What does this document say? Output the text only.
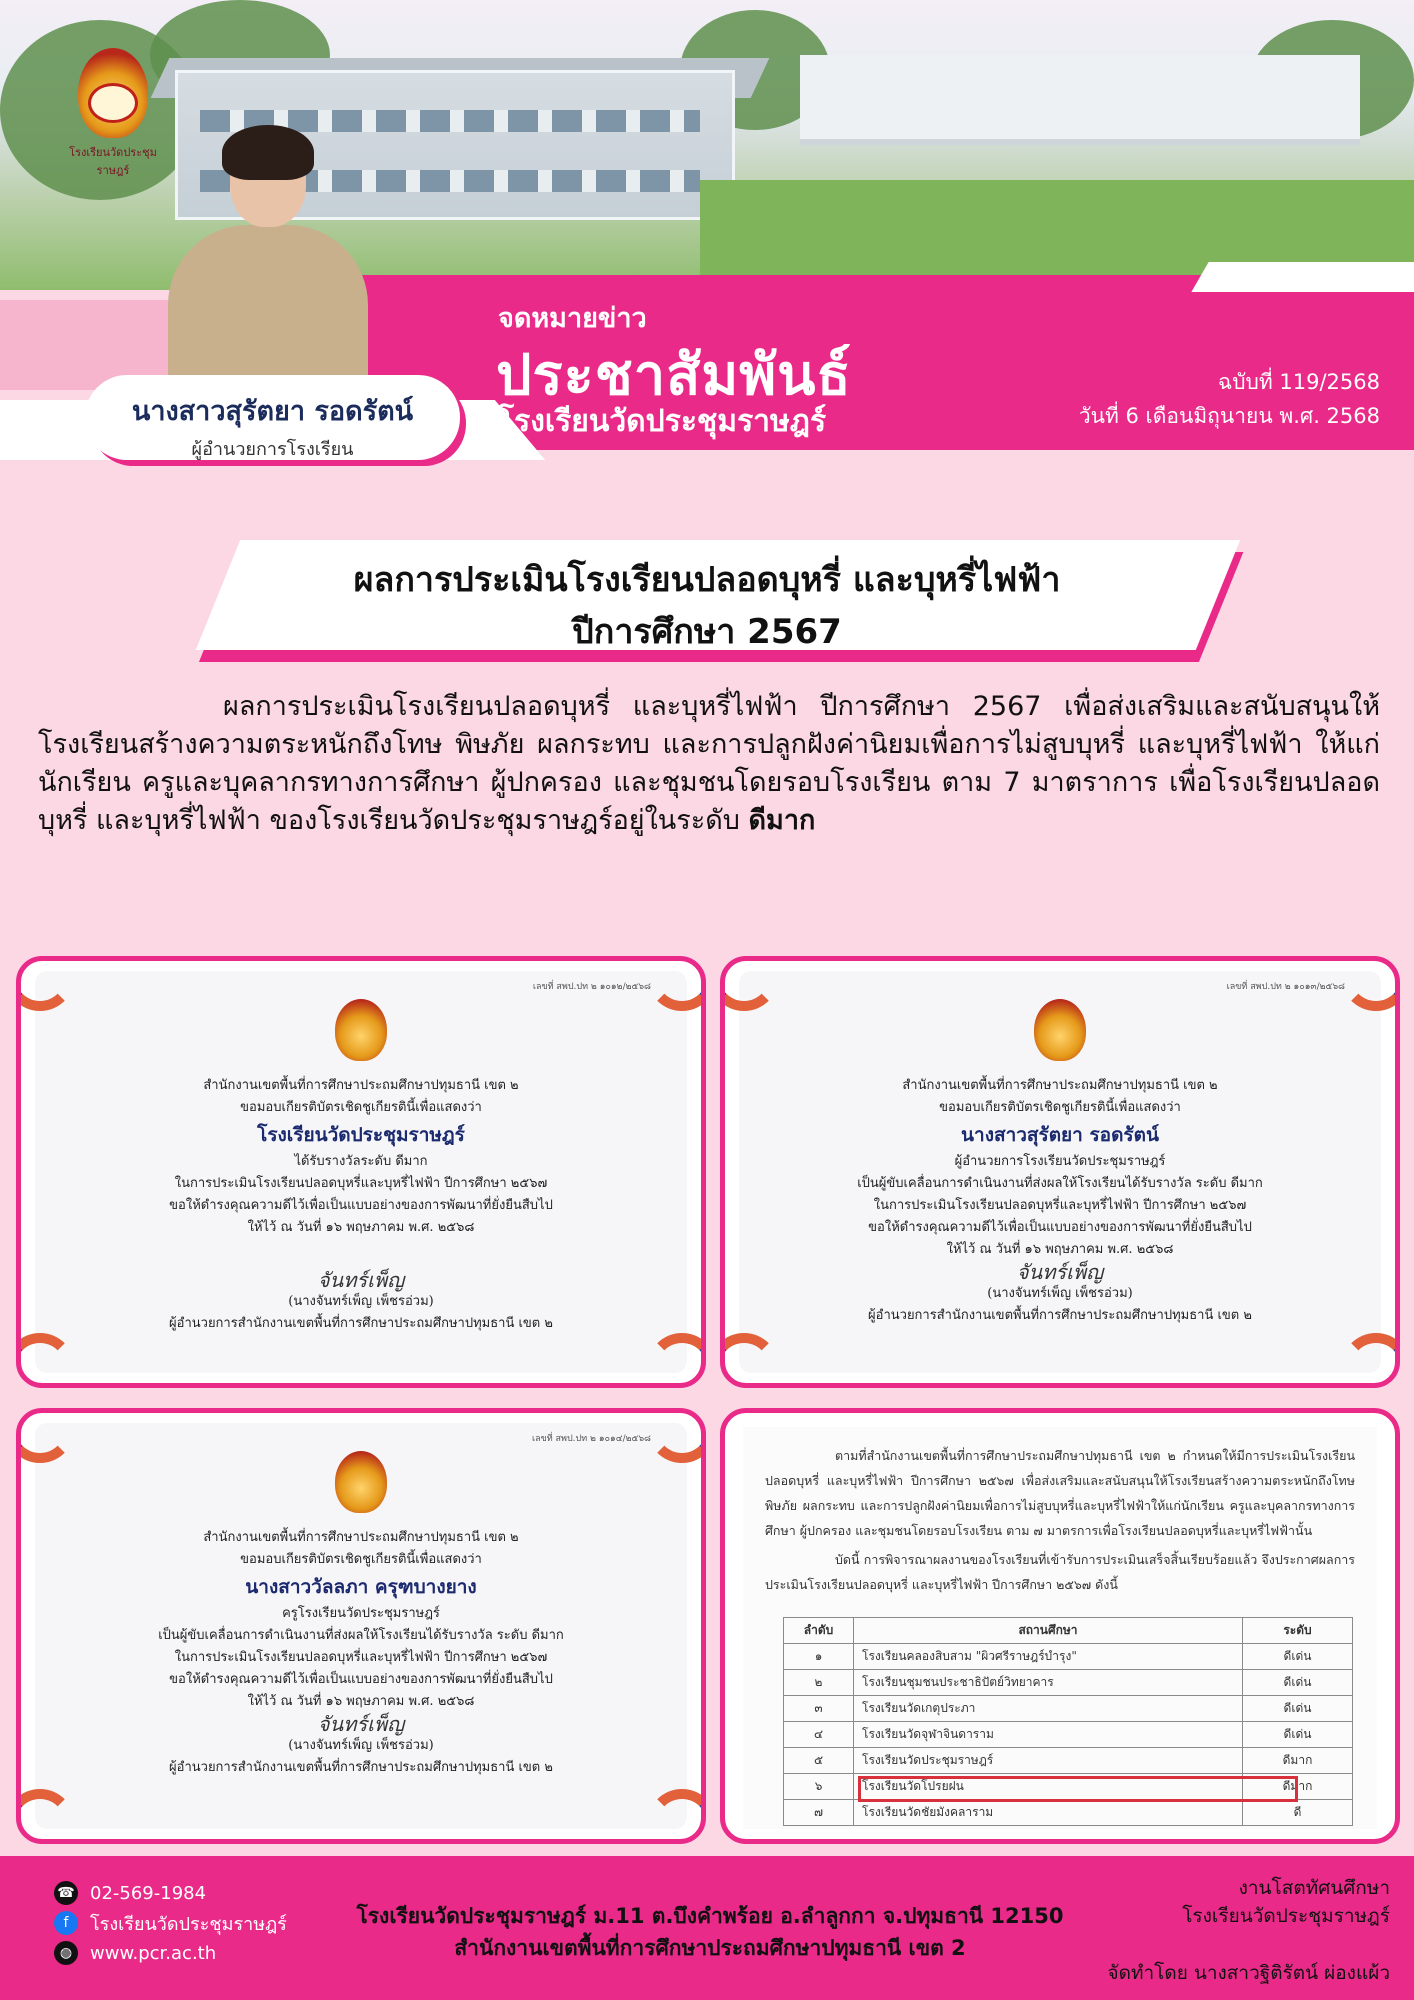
โรงเรียนวัดประชุมราษฎร์
นางสาวสุรัตยา รอดรัตน์
ผู้อำนวยการโรงเรียน
จดหมายข่าว
ประชาสัมพันธ์
โรงเรียนวัดประชุมราษฎร์
ฉบับที่ 119/2568
วันที่ 6 เดือนมิถุนายน พ.ศ. 2568
ผลการประเมินโรงเรียนปลอดบุหรี่ และบุหรี่ไฟฟ้า
ปีการศึกษา 2567
ผลการประเมินโรงเรียนปลอดบุหรี่ และบุหรี่ไฟฟ้า ปีการศึกษา 2567 เพื่อส่งเสริมและสนับสนุนให้โรงเรียนสร้างความตระหนักถึงโทษ พิษภัย ผลกระทบ และการปลูกฝังค่านิยมเพื่อการไม่สูบบุหรี่ และบุหรี่ไฟฟ้า ให้แก่นักเรียน ครูและบุคลากรทางการศึกษา ผู้ปกครอง และชุมชนโดยรอบโรงเรียน ตาม 7 มาตราการ เพื่อโรงเรียนปลอดบุหรี่ และบุหรี่ไฟฟ้า ของโรงเรียนวัดประชุมราษฎร์อยู่ในระดับ ดีมาก
เลขที่ สพป.ปท ๒ ๑๐๑๒/๒๕๖๘
สำนักงานเขตพื้นที่การศึกษาประถมศึกษาปทุมธานี เขต ๒
ขอมอบเกียรติบัตรเชิดชูเกียรตินี้เพื่อแสดงว่า
โรงเรียนวัดประชุมราษฎร์
ได้รับรางวัลระดับ ดีมาก
ในการประเมินโรงเรียนปลอดบุหรี่และบุหรี่ไฟฟ้า ปีการศึกษา ๒๕๖๗
ขอให้ดำรงคุณความดีไว้เพื่อเป็นแบบอย่างของการพัฒนาที่ยั่งยืนสืบไป
ให้ไว้ ณ วันที่ ๑๖ พฤษภาคม พ.ศ. ๒๕๖๘
จันทร์เพ็ญ
(นางจันทร์เพ็ญ เพ็ชรอ่วม)
ผู้อำนวยการสำนักงานเขตพื้นที่การศึกษาประถมศึกษาปทุมธานี เขต ๒
เลขที่ สพป.ปท ๒ ๑๐๑๓/๒๕๖๘
สำนักงานเขตพื้นที่การศึกษาประถมศึกษาปทุมธานี เขต ๒
ขอมอบเกียรติบัตรเชิดชูเกียรตินี้เพื่อแสดงว่า
นางสาวสุรัตยา รอดรัตน์
ผู้อำนวยการโรงเรียนวัดประชุมราษฎร์
เป็นผู้ขับเคลื่อนการดำเนินงานที่ส่งผลให้โรงเรียนได้รับรางวัล ระดับ ดีมาก
ในการประเมินโรงเรียนปลอดบุหรี่และบุหรี่ไฟฟ้า ปีการศึกษา ๒๕๖๗
ขอให้ดำรงคุณความดีไว้เพื่อเป็นแบบอย่างของการพัฒนาที่ยั่งยืนสืบไป
ให้ไว้ ณ วันที่ ๑๖ พฤษภาคม พ.ศ. ๒๕๖๘
จันทร์เพ็ญ
(นางจันทร์เพ็ญ เพ็ชรอ่วม)
ผู้อำนวยการสำนักงานเขตพื้นที่การศึกษาประถมศึกษาปทุมธานี เขต ๒
เลขที่ สพป.ปท ๒ ๑๐๑๔/๒๕๖๘
สำนักงานเขตพื้นที่การศึกษาประถมศึกษาปทุมธานี เขต ๒
ขอมอบเกียรติบัตรเชิดชูเกียรตินี้เพื่อแสดงว่า
นางสาววัลลภา ครุฑบางยาง
ครูโรงเรียนวัดประชุมราษฎร์
เป็นผู้ขับเคลื่อนการดำเนินงานที่ส่งผลให้โรงเรียนได้รับรางวัล ระดับ ดีมาก
ในการประเมินโรงเรียนปลอดบุหรี่และบุหรี่ไฟฟ้า ปีการศึกษา ๒๕๖๗
ขอให้ดำรงคุณความดีไว้เพื่อเป็นแบบอย่างของการพัฒนาที่ยั่งยืนสืบไป
ให้ไว้ ณ วันที่ ๑๖ พฤษภาคม พ.ศ. ๒๕๖๘
จันทร์เพ็ญ
(นางจันทร์เพ็ญ เพ็ชรอ่วม)
ผู้อำนวยการสำนักงานเขตพื้นที่การศึกษาประถมศึกษาปทุมธานี เขต ๒

ตามที่สำนักงานเขตพื้นที่การศึกษาประถมศึกษาปทุมธานี เขต ๒ กำหนดให้มีการประเมินโรงเรียนปลอดบุหรี่ และบุหรี่ไฟฟ้า ปีการศึกษา ๒๕๖๗ เพื่อส่งเสริมและสนับสนุนให้โรงเรียนสร้างความตระหนักถึงโทษ พิษภัย ผลกระทบ และการปลูกฝังค่านิยมเพื่อการไม่สูบบุหรี่และบุหรี่ไฟฟ้าให้แก่นักเรียน ครูและบุคลากรทางการศึกษา ผู้ปกครอง และชุมชนโดยรอบโรงเรียน ตาม ๗ มาตรการเพื่อโรงเรียนปลอดบุหรี่และบุหรี่ไฟฟ้านั้น

บัดนี้ การพิจารณาผลงานของโรงเรียนที่เข้ารับการประเมินเสร็จสิ้นเรียบร้อยแล้ว จึงประกาศผลการประเมินโรงเรียนปลอดบุหรี่ และบุหรี่ไฟฟ้า ปีการศึกษา ๒๕๖๗ ดังนี้

ลำดับ	สถานศึกษา	ระดับ
๑	โรงเรียนคลองสิบสาม "ผิวศรีราษฎร์บำรุง"	ดีเด่น
๒	โรงเรียนชุมชนประชาธิปัตย์วิทยาคาร	ดีเด่น
๓	โรงเรียนวัดเกตุประภา	ดีเด่น
๔	โรงเรียนวัดจุฬาจินดาราม	ดีเด่น
๕	โรงเรียนวัดประชุมราษฎร์	ดีมาก
๖	โรงเรียนวัดโปรยฝน	ดีมาก
๗	โรงเรียนวัดชัยมังคลาราม	ดี
☎ 02-569-1984
f	โรงเรียนวัดประชุมราษฎร์
◍ www.pcr.ac.th
โรงเรียนวัดประชุมราษฎร์ ม.11 ต.บึงคำพร้อย อ.ลำลูกกา จ.ปทุมธานี 12150
สำนักงานเขตพื้นที่การศึกษาประถมศึกษาปทุมธานี เขต 2
งานโสตทัศนศึกษา
โรงเรียนวัดประชุมราษฎร์
จัดทำโดย นางสาวฐิติรัตน์ ผ่องแผ้ว
